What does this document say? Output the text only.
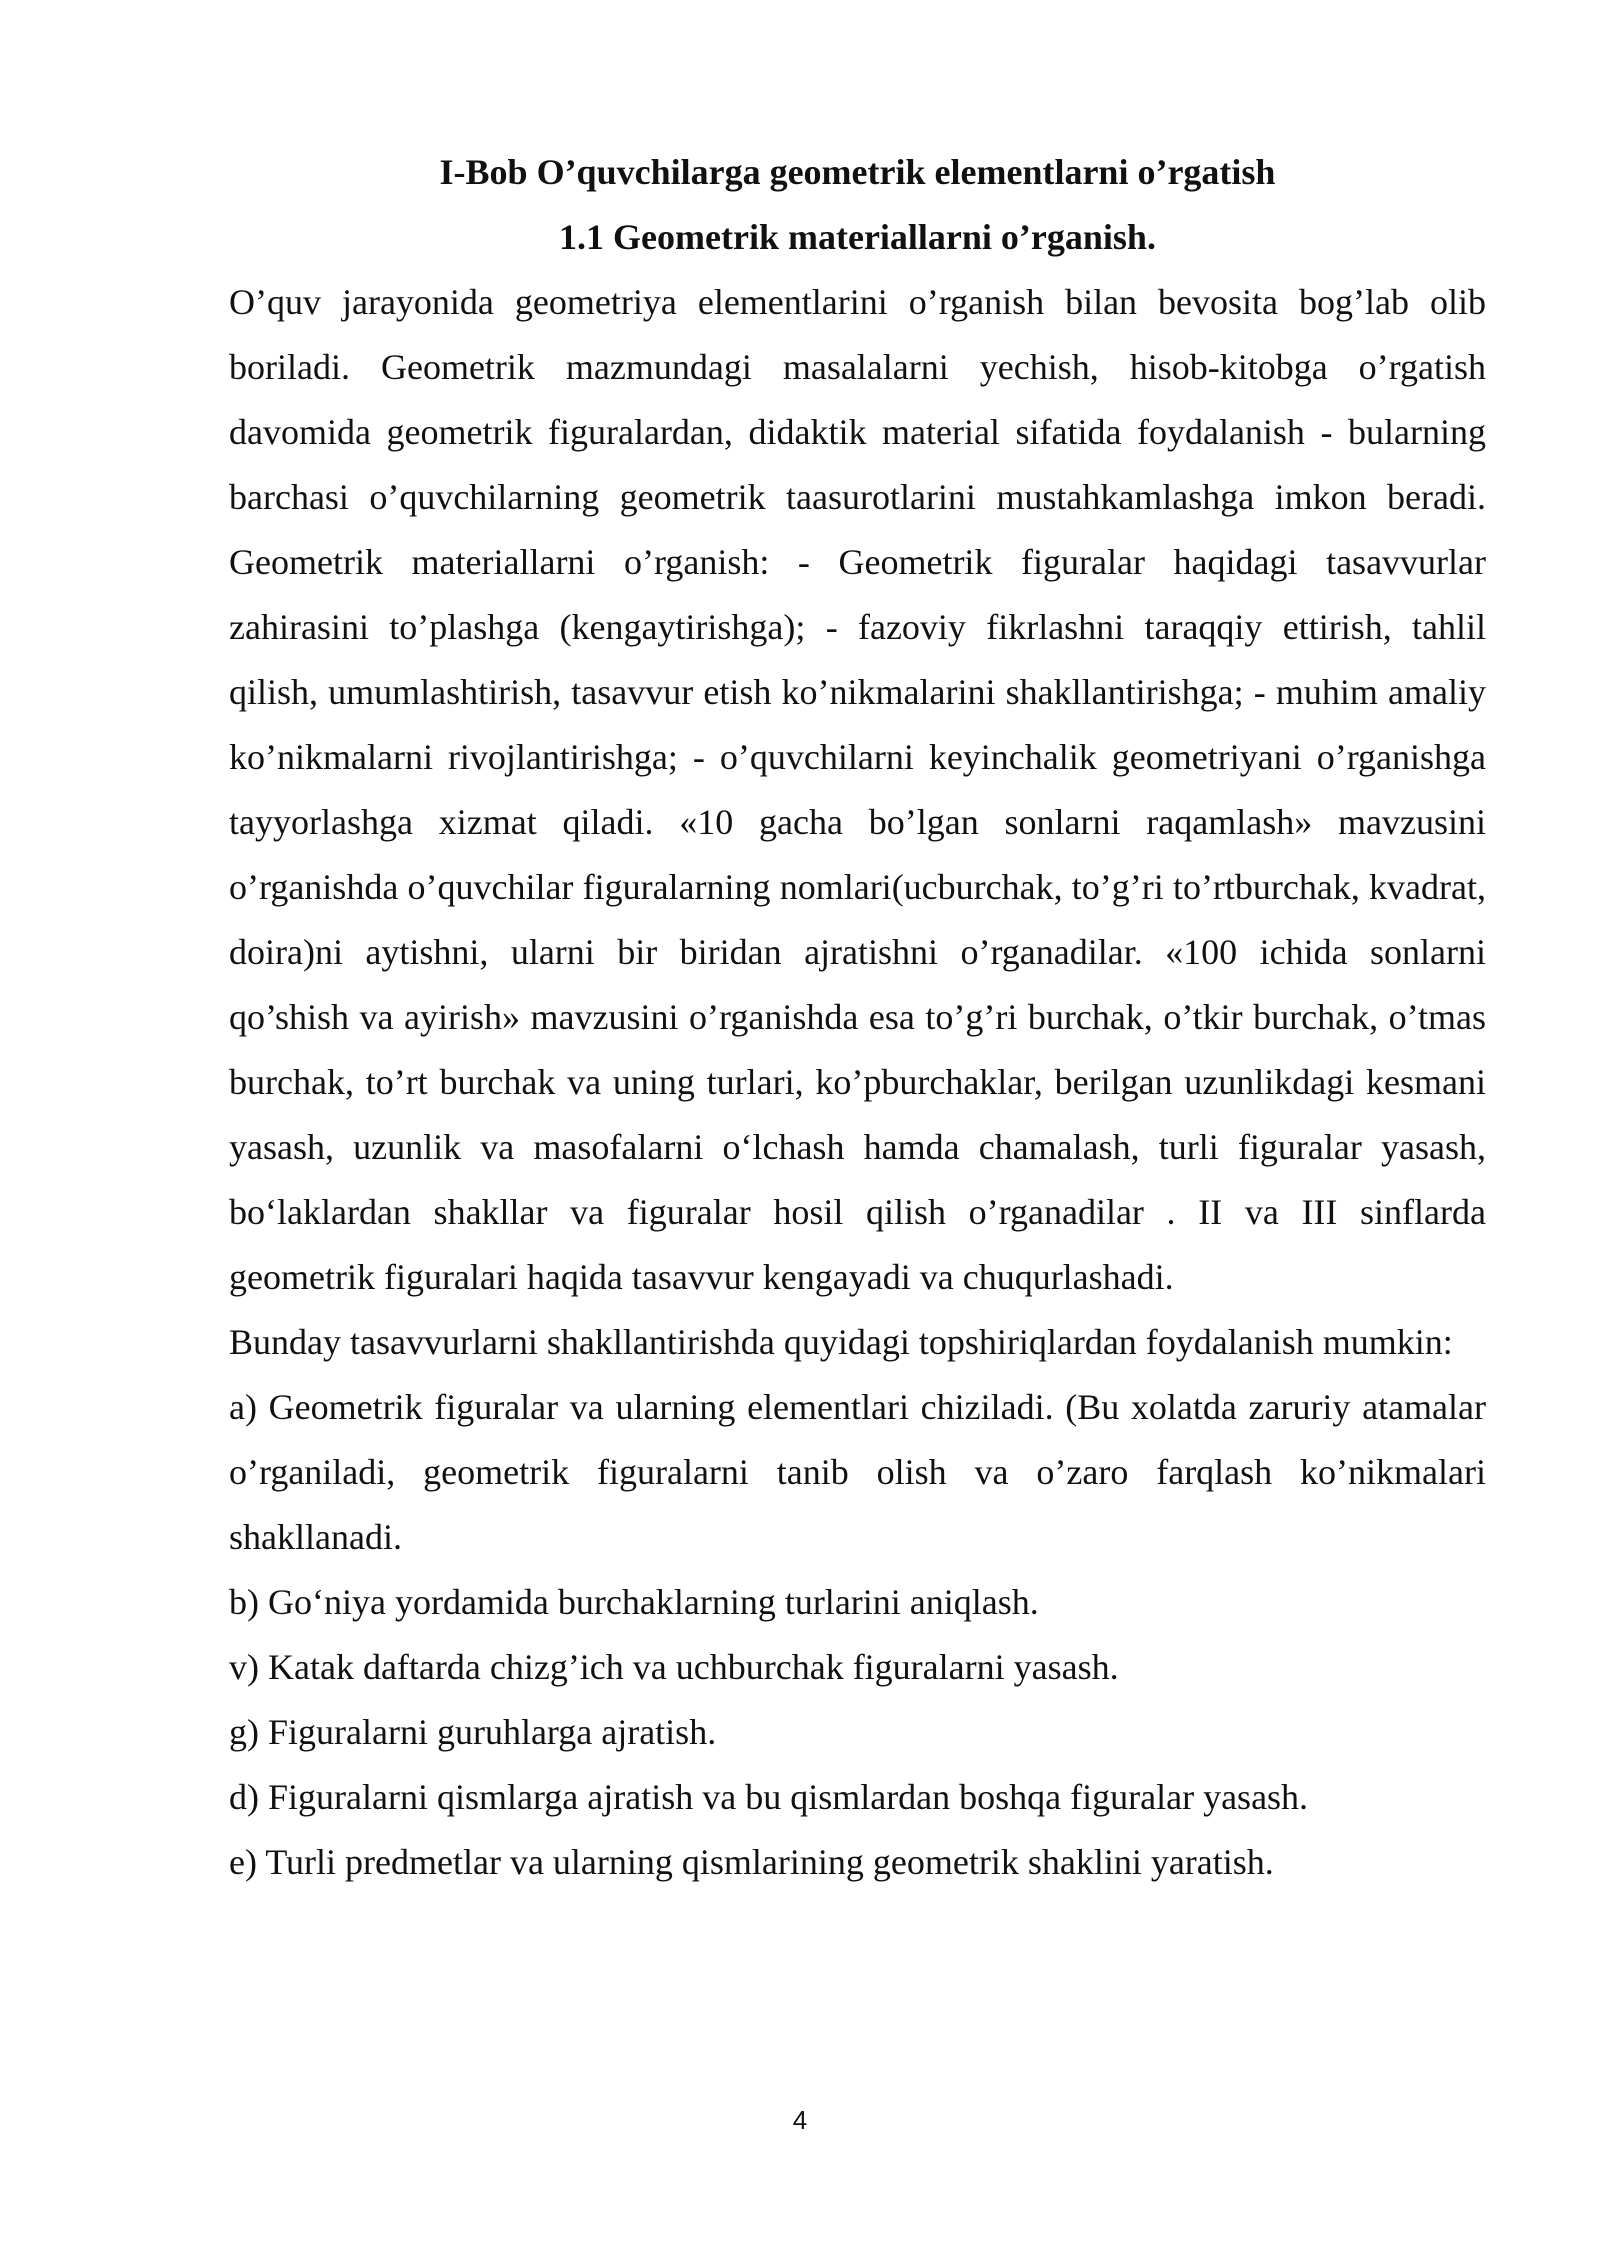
I-Bob O’quvchilarga geometrik elementlarni o’rgatish
1.1 Geometrik materiallarni o’rganish.

O’quv jarayonida geometriya elementlarini o’rganish bilan bevosita bog’lab olib boriladi. Geometrik mazmundagi masalalarni yechish, hisob-kitobga o’rgatish davomida geometrik figuralardan, didaktik material sifatida foydalanish - bularning barchasi o’quvchilarning geometrik taasurotlarini mustahkamlashga imkon beradi. Geometrik materiallarni o’rganish: - Geometrik figuralar haqidagi tasavvurlar zahirasini to’plashga (kengaytirishga); - fazoviy fikrlashni taraqqiy ettirish, tahlil qilish, umumlashtirish, tasavvur etish ko’nikmalarini shakllantirishga; - muhim amaliy ko’nikmalarni rivojlantirishga; - o’quvchilarni keyinchalik geometriyani o’rganishga tayyorlashga xizmat qiladi. «10 gacha bo’lgan sonlarni raqamlash» mavzusini o’rganishda o’quvchilar figuralarning nomlari(ucburchak, to’g’ri to’rtburchak, kvadrat, doira)ni aytishni, ularni bir biridan ajratishni o’rganadilar. «100 ichida sonlarni qo’shish va ayirish» mavzusini o’rganishda esa to’g’ri burchak, o’tkir burchak, o’tmas burchak, to’rt burchak va uning turlari, ko’pburchaklar, berilgan uzunlikdagi kesmani yasash, uzunlik va masofalarni o‘lchash hamda chamalash, turli figuralar yasash, bo‘laklardan shakllar va figuralar hosil qilish o’rganadilar . II va III sinflarda geometrik figuralari haqida tasavvur kengayadi va chuqurlashadi.

Bunday tasavvurlarni shakllantirishda quyidagi topshiriqlardan foydalanish mumkin:

a) Geometrik figuralar va ularning elementlari chiziladi. (Bu xolatda zaruriy atamalar o’rganiladi, geometrik figuralarni tanib olish va o’zaro farqlash ko’nikmalari shakllanadi.

b) Go‘niya yordamida burchaklarning turlarini aniqlash.

v) Katak daftarda chizg’ich va uchburchak figuralarni yasash.

g) Figuralarni guruhlarga ajratish.

d) Figuralarni qismlarga ajratish va bu qismlardan boshqa figuralar yasash.

e) Turli predmetlar va ularning qismlarining geometrik shaklini yaratish.

4
